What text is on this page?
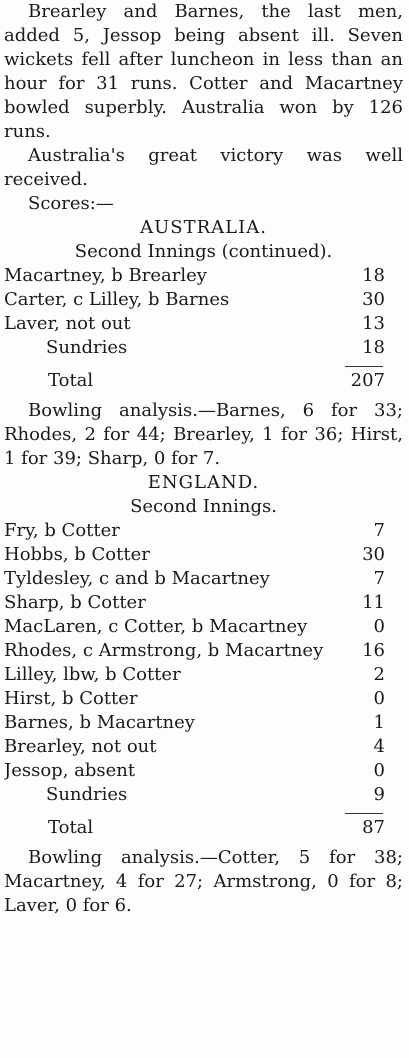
Brearley and Barnes, the last men, added 5, Jessop being absent ill. Seven wickets fell after luncheon in less than an hour for 31 runs. Cotter and Macartney bowled superbly. Australia won by 126 runs.

Australia's great victory was well received.

Scores:—

AUSTRALIA.

Second Innings (continued).

Macartney, b Brearley	18
Carter, c Lilley, b Barnes	30
Laver, not out	13
Sundries	18
Total	207

Bowling analysis.—Barnes, 6 for 33; Rhodes, 2 for 44; Brearley, 1 for 36; Hirst, 1 for 39; Sharp, 0 for 7.

ENGLAND.

Second Innings.

Fry, b Cotter	7
Hobbs, b Cotter	30
Tyldesley, c and b Macartney	7
Sharp, b Cotter	11
MacLaren, c Cotter, b Macartney	0
Rhodes, c Armstrong, b Macartney	16
Lilley, lbw, b Cotter	2
Hirst, b Cotter	0
Barnes, b Macartney	1
Brearley, not out	4
Jessop, absent	0
Sundries	9
Total	87

Bowling analysis.—Cotter, 5 for 38; Macartney, 4 for 27; Armstrong, 0 for 8; Laver, 0 for 6.
